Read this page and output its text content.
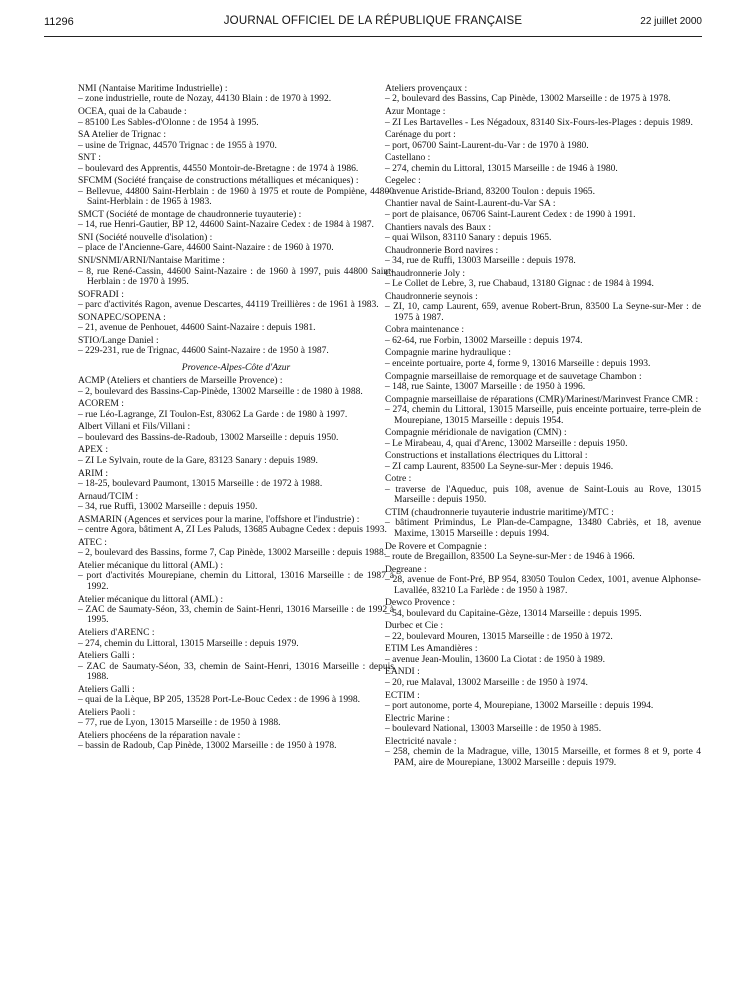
11296	JOURNAL OFFICIEL DE LA RÉPUBLIQUE FRANÇAISE	22 juillet 2000
NMI (Nantaise Maritime Industrielle) :
– zone industrielle, route de Nozay, 44130 Blain : de 1970 à 1992.
OCEA, quai de la Cabaude :
– 85100 Les Sables-d'Olonne : de 1954 à 1995.
SA Atelier de Trignac :
– usine de Trignac, 44570 Trignac : de 1955 à 1970.
SNT :
– boulevard des Apprentis, 44550 Montoir-de-Bretagne : de 1974 à 1986.
SFCMM (Société française de constructions métalliques et mécaniques) :
– Bellevue, 44800 Saint-Herblain : de 1960 à 1975 et route de Pompiène, 44800 Saint-Herblain : de 1965 à 1983.
SMCT (Société de montage de chaudronnerie tuyauterie) :
– 14, rue Henri-Gautier, BP 12, 44600 Saint-Nazaire Cedex : de 1984 à 1987.
SNI (Société nouvelle d'isolation) :
– place de l'Ancienne-Gare, 44600 Saint-Nazaire : de 1960 à 1970.
SNI/SNMI/ARNI/Nantaise Maritime :
– 8, rue René-Cassin, 44600 Saint-Nazaire : de 1960 à 1997, puis 44800 Saint-Herblain : de 1970 à 1995.
SOFRADI :
– parc d'activités Ragon, avenue Descartes, 44119 Treillières : de 1961 à 1983.
SONAPEC/SOPENA :
– 21, avenue de Penhouet, 44600 Saint-Nazaire : depuis 1981.
STIO/Lange Daniel :
– 229-231, rue de Trignac, 44600 Saint-Nazaire : de 1950 à 1987.
Provence-Alpes-Côte d'Azur
ACMP (Ateliers et chantiers de Marseille Provence) :
– 2, boulevard des Bassins-Cap-Pinède, 13002 Marseille : de 1980 à 1988.
ACOREM :
– rue Léo-Lagrange, ZI Toulon-Est, 83062 La Garde : de 1980 à 1997.
Albert Villani et Fils/Villani :
– boulevard des Bassins-de-Radoub, 13002 Marseille : depuis 1950.
APEX :
– ZI Le Sylvain, route de la Gare, 83123 Sanary : depuis 1989.
ARIM :
– 18-25, boulevard Paumont, 13015 Marseille : de 1972 à 1988.
Arnaud/TCIM :
– 34, rue Ruffi, 13002 Marseille : depuis 1950.
ASMARIN (Agences et services pour la marine, l'offshore et l'industrie) :
– centre Agora, bâtiment A, ZI Les Paluds, 13685 Aubagne Cedex : depuis 1993.
ATEC :
– 2, boulevard des Bassins, forme 7, Cap Pinède, 13002 Marseille : depuis 1988.
Atelier mécanique du littoral (AML) :
– port d'activités Mourepiane, chemin du Littoral, 13016 Marseille : de 1987 à 1992.
Atelier mécanique du littoral (AML) :
– ZAC de Saumaty-Séon, 33, chemin de Saint-Henri, 13016 Marseille : de 1992 à 1995.
Ateliers d'ARENC :
– 274, chemin du Littoral, 13015 Marseille : depuis 1979.
Ateliers Galli :
– ZAC de Saumaty-Séon, 33, chemin de Saint-Henri, 13016 Marseille : depuis 1988.
Ateliers Galli :
– quai de la Lèque, BP 205, 13528 Port-Le-Bouc Cedex : de 1996 à 1998.
Ateliers Paoli :
– 77, rue de Lyon, 13015 Marseille : de 1950 à 1988.
Ateliers phocéens de la réparation navale :
– bassin de Radoub, Cap Pinède, 13002 Marseille : de 1950 à 1978.
Ateliers provençaux :
– 2, boulevard des Bassins, Cap Pinède, 13002 Marseille : de 1975 à 1978.
Azur Montage :
– ZI Les Bartavelles - Les Négadoux, 83140 Six-Fours-les-Plages : depuis 1989.
Carénage du port :
– port, 06700 Saint-Laurent-du-Var : de 1970 à 1980.
Castellano :
– 274, chemin du Littoral, 13015 Marseille : de 1946 à 1980.
Cegelec :
– avenue Aristide-Briand, 83200 Toulon : depuis 1965.
Chantier naval de Saint-Laurent-du-Var SA :
– port de plaisance, 06706 Saint-Laurent Cedex : de 1990 à 1991.
Chantiers navals des Baux :
– quai Wilson, 83110 Sanary : depuis 1965.
Chaudronnerie Bord navires :
– 34, rue de Ruffi, 13003 Marseille : depuis 1978.
Chaudronnerie Joly :
– Le Collet de Lebre, 3, rue Chabaud, 13180 Gignac : de 1984 à 1994.
Chaudronnerie seynois :
– ZI, 10, camp Laurent, 659, avenue Robert-Brun, 83500 La Seyne-sur-Mer : de 1975 à 1987.
Cobra maintenance :
– 62-64, rue Forbin, 13002 Marseille : depuis 1974.
Compagnie marine hydraulique :
– enceinte portuaire, porte 4, forme 9, 13016 Marseille : depuis 1993.
Compagnie marseillaise de remorquage et de sauvetage Chambon :
– 148, rue Sainte, 13007 Marseille : de 1950 à 1996.
Compagnie marseillaise de réparations (CMR)/Marinest/Marinvest France CMR :
– 274, chemin du Littoral, 13015 Marseille, puis enceinte portuaire, terre-plein de Mourepiane, 13015 Marseille : depuis 1954.
Compagnie méridionale de navigation (CMN) :
– Le Mirabeau, 4, quai d'Arenc, 13002 Marseille : depuis 1950.
Constructions et installations électriques du Littoral :
– ZI camp Laurent, 83500 La Seyne-sur-Mer : depuis 1946.
Cotre :
– traverse de l'Aqueduc, puis 108, avenue de Saint-Louis au Rove, 13015 Marseille : depuis 1950.
CTIM (chaudronnerie tuyauterie industrie maritime)/MTC :
– bâtiment Primindus, Le Plan-de-Campagne, 13480 Cabriès, et 18, avenue Maxime, 13015 Marseille : depuis 1994.
De Rovere et Compagnie :
– route de Bregaillon, 83500 La Seyne-sur-Mer : de 1946 à 1966.
Degreane :
– 28, avenue de Font-Pré, BP 954, 83050 Toulon Cedex, 1001, avenue Alphonse-Lavallée, 83210 La Farlède : de 1950 à 1987.
Dewco Provence :
– 54, boulevard du Capitaine-Gèze, 13014 Marseille : depuis 1995.
Durbec et Cie :
– 22, boulevard Mouren, 13015 Marseille : de 1950 à 1972.
ETIM Les Amandières :
– avenue Jean-Moulin, 13600 La Ciotat : de 1950 à 1989.
EANDI :
– 20, rue Malaval, 13002 Marseille : de 1950 à 1974.
ECTIM :
– port autonome, porte 4, Mourepiane, 13002 Marseille : depuis 1994.
Electric Marine :
– boulevard National, 13003 Marseille : de 1950 à 1985.
Electricité navale :
– 258, chemin de la Madrague, ville, 13015 Marseille, et formes 8 et 9, porte 4 PAM, aire de Mourepiane, 13002 Marseille : depuis 1979.
